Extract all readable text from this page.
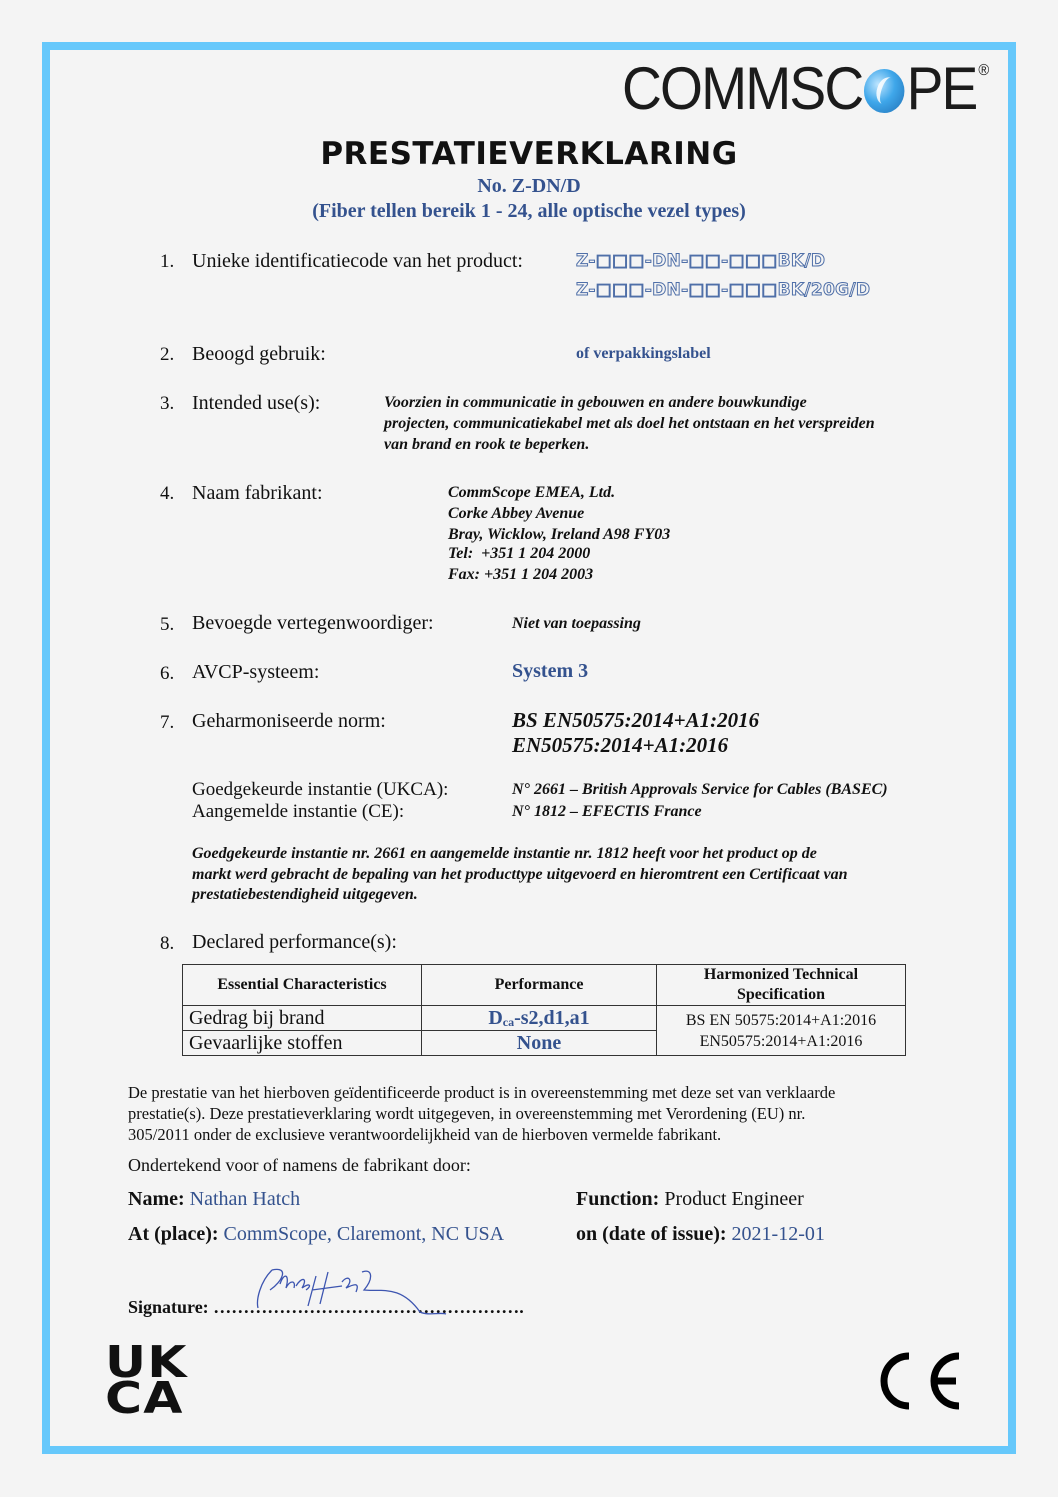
COMMSC PE ®
PRESTATIEVERKLARING
No. Z-DN/D
(Fiber tellen bereik 1 - 24, alle optische vezel types)
1. Unieke identificatiecode van het product:	Z-□□□-DN-□□-□□□BK/D
Z-□□□-DN-□□-□□□BK/20G/D
2. Beoogd gebruik:	of verpakkingslabel
3. Intended use(s):	Voorzien in communicatie in gebouwen en andere bouwkundige
projecten, communicatiekabel met als doel het ontstaan en het verspreiden
van brand en rook te beperken.
4. Naam fabrikant:	CommScope EMEA, Ltd.
Corke Abbey Avenue
Bray, Wicklow, Ireland A98 FY03
Tel:  +351 1 204 2000
Fax: +351 1 204 2003
5. Bevoegde vertegenwoordiger:	Niet van toepassing
6. AVCP-systeem:	System 3
7. Geharmoniseerde norm:	BS EN50575:2014+A1:2016
EN50575:2014+A1:2016
Goedgekeurde instantie (UKCA):	N° 2661 – British Approvals Service for Cables (BASEC)
Aangemelde instantie (CE):	N° 1812 – EFECTIS France
Goedgekeurde instantie nr. 2661 en aangemelde instantie nr. 1812 heeft voor het product op de
markt werd gebracht de bepaling van het producttype uitgevoerd en hieromtrent een Certificaat van
prestatiebestendigheid uitgegeven.
8. Declared performance(s):
Essential Characteristics	Performance	Harmonized Technical Specification
Gedrag bij brand	$D_{ca}-s2,d1,a1$	BS EN 50575:2014+A1:2016
EN50575:2014+A1:2016

Gevaarlijke stoffen	None	
De prestatie van het hierboven geïdentificeerde product is in overeenstemming met deze set van verklaarde
prestatie(s). Deze prestatieverklaring wordt uitgegeven, in overeenstemming met Verordening (EU) nr.
305/2011 onder de exclusieve verantwoordelijkheid van de hierboven vermelde fabrikant.
Ondertekend voor of namens de fabrikant door:
Name: Nathan Hatch	Function: Product Engineer
At (place): CommScope, Claremont, NC USA	on (date of issue): 2021-12-01
Signature: …………………………………………….
UK
CA
